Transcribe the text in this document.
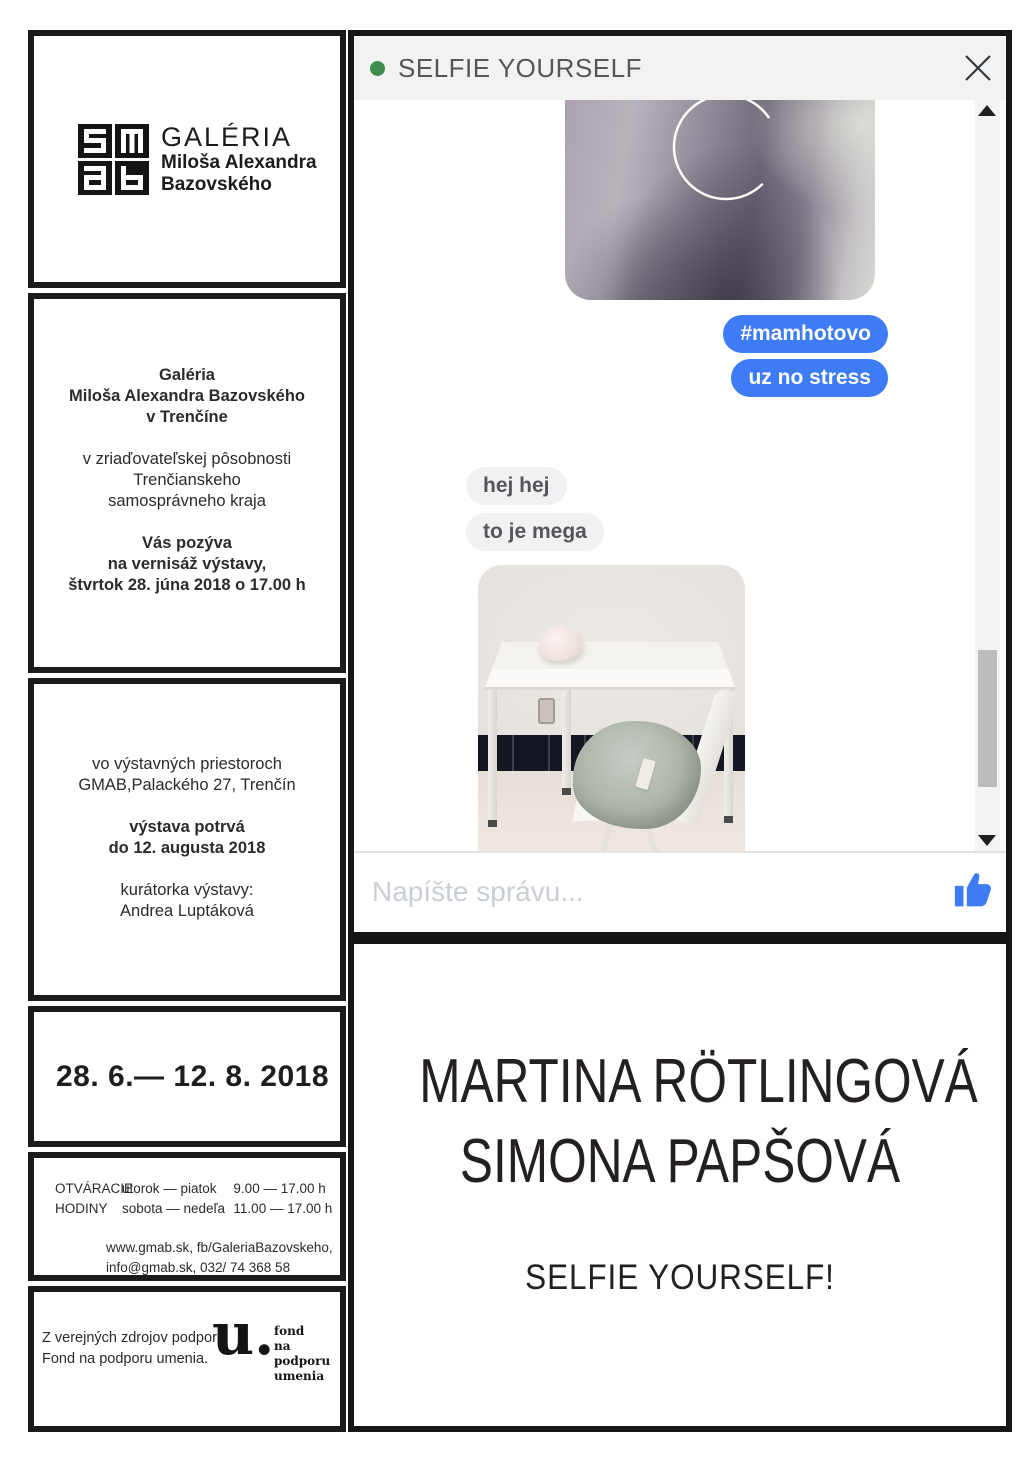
GALÉRIA
Miloša Alexandra
Bazovského
Galéria
Miloša Alexandra Bazovského
v Trenčíne
v zriaďovateľskej pôsobnosti
Trenčianskeho
samosprávneho kraja
Vás pozýva
na vernisáž výstavy,
štvrtok 28. júna 2018 o 17.00 h
vo výstavných priestoroch
GMAB,Palackého 27, Trenčín
výstava potrvá
do 12. augusta 2018
kurátorka výstavy:
Andrea Luptáková
28. 6.— 12. 8. 2018
OTVÁRACIE
HODINY
utorok — piatok
sobota — nedeľa
9.00 — 17.00 h
11.00 — 17.00 h
www.gmab.sk, fb/GaleriaBazovskeho,
info@gmab.sk, 032/ 74 368 58
Z verejných zdrojov podporil
Fond na podporu umenia. u. fond
na podporu
umenia
SELFIE YOURSELF
#mamhotovo
uz no stress
hej hej
to je mega
Napíšte správu...
MARTINA RÖTLINGOVÁ
SIMONA PAPŠOVÁ
SELFIE YOURSELF!
